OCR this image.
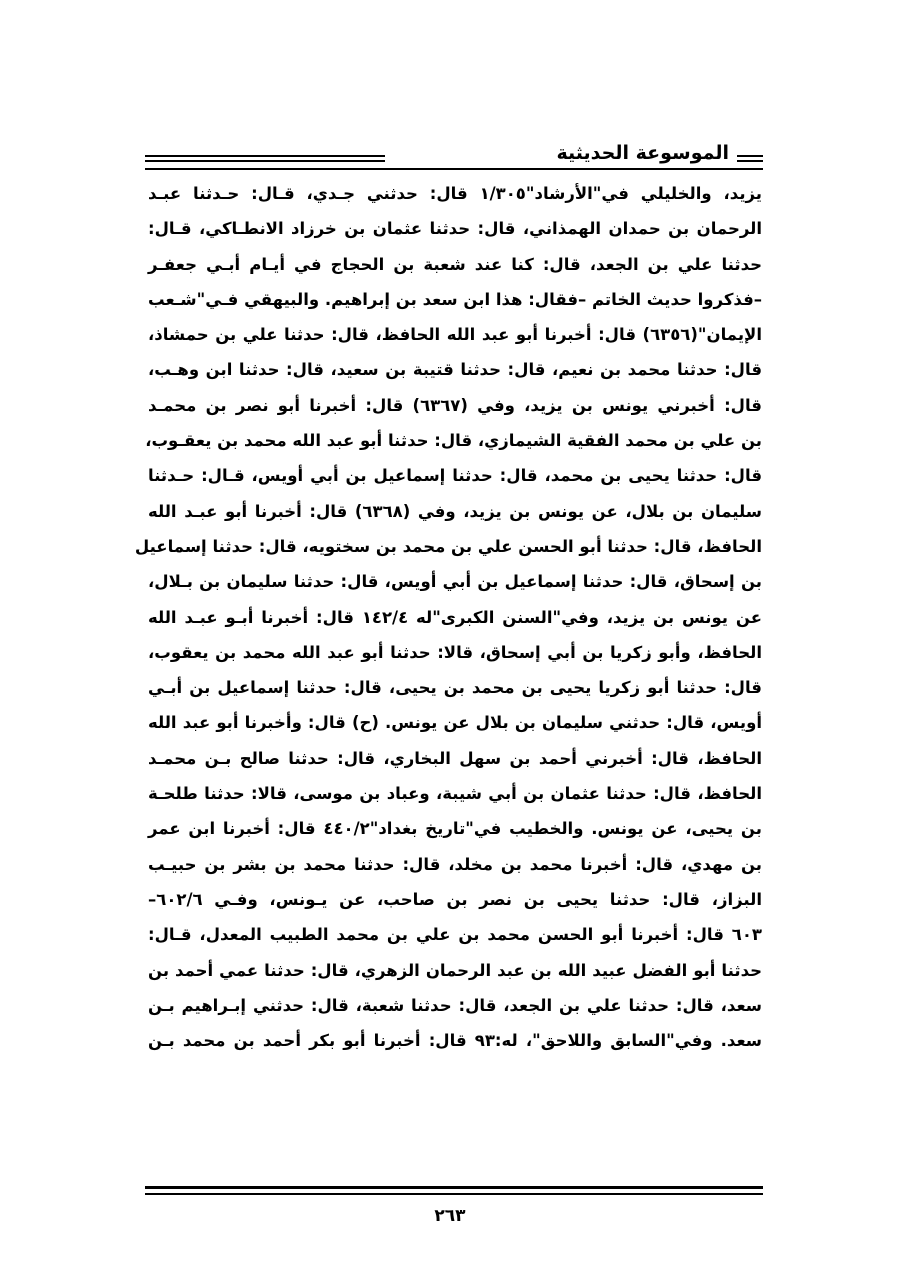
الموسوعة الحديثية
يزيد، والخليلي في"الأرشاد"١/٣٠٥ قال: حدثني جـدي، قـال: حـدثنا عبـد
الرحمان بن حمدان الهمذاني، قال: حدثنا عثمان بن خرزاد الانطـاكي، قـال:
حدثنا علي بن الجعد، قال: كنا عند شعبة بن الحجاج في أيـام أبـي جعفـر
–فذكروا حديث الخاتم –فقال: هذا ابن سعد بن إبراهيم. والبيهقي فـي"شـعب
الإيمان"(٦٣٥٦) قال: أخبرنا أبو عبد الله الحافظ، قال: حدثنا علي بن حمشاذ،
قال: حدثنا محمد بن نعيم، قال: حدثنا قتيبة بن سعيد، قال: حدثنا ابن وهـب،
قال: أخبرني يونس بن يزيد، وفي (٦٣٦٧) قال: أخبرنا أبو نصر بن محمـد
بن علي بن محمد الفقية الشيمازي، قال: حدثنا أبو عبد الله محمد بن يعقـوب،
قال: حدثنا يحيى بن محمد، قال: حدثنا إسماعيل بن أبي أويس، قـال: حـدثنا
سليمان بن بلال، عن يونس بن يزيد، وفي (٦٣٦٨) قال: أخبرنا أبو عبـد الله
الحافظ، قال: حدثنا أبو الحسن علي بن محمد بن سختويه، قال: حدثنا إسماعيل
بن إسحاق، قال: حدثنا إسماعيل بن أبي أويس، قال: حدثنا سليمان بن بـلال،
عن يونس بن يزيد، وفي"السنن الكبرى"له ١٤٢/٤ قال: أخبرنا أبـو عبـد الله
الحافظ، وأبو زكريا بن أبي إسحاق، قالا: حدثنا أبو عبد الله محمد بن يعقوب،
قال: حدثنا أبو زكريا يحيى بن محمد بن يحيى، قال: حدثنا إسماعيل بن أبـي
أويس، قال: حدثني سليمان بن بلال عن يونس. (ح) قال: وأخبرنا أبو عبد الله
الحافظ، قال: أخبرني أحمد بن سهل البخاري، قال: حدثنا صالح بـن محمـد
الحافظ، قال: حدثنا عثمان بن أبي شيبة، وعباد بن موسى، قالا: حدثنا طلحـة
بن يحيى، عن يونس. والخطيب في"تاريخ بغداد"٤٤٠/٢ قال: أخبرنا ابن عمر
بن مهدي، قال: أخبرنا محمد بن مخلد، قال: حدثنا محمد بن بشر بن حبيـب
البزاز، قال: حدثنا يحيى بن نصر بن صاحب، عن يـونس، وفـي ٦٠٢/٦–
٦٠٣ قال: أخبرنا أبو الحسن محمد بن علي بن محمد الطبيب المعدل، قـال:
حدثنا أبو الفضل عبيد الله بن عبد الرحمان الزهري، قال: حدثنا عمي أحمد بن
سعد، قال: حدثنا علي بن الجعد، قال: حدثنا شعبة، قال: حدثني إبـراهيم بـن
سعد. وفي"السابق واللاحق"، له:٩٣ قال: أخبرنا أبو بكر أحمد بن محمد بـن
٢٦٣
